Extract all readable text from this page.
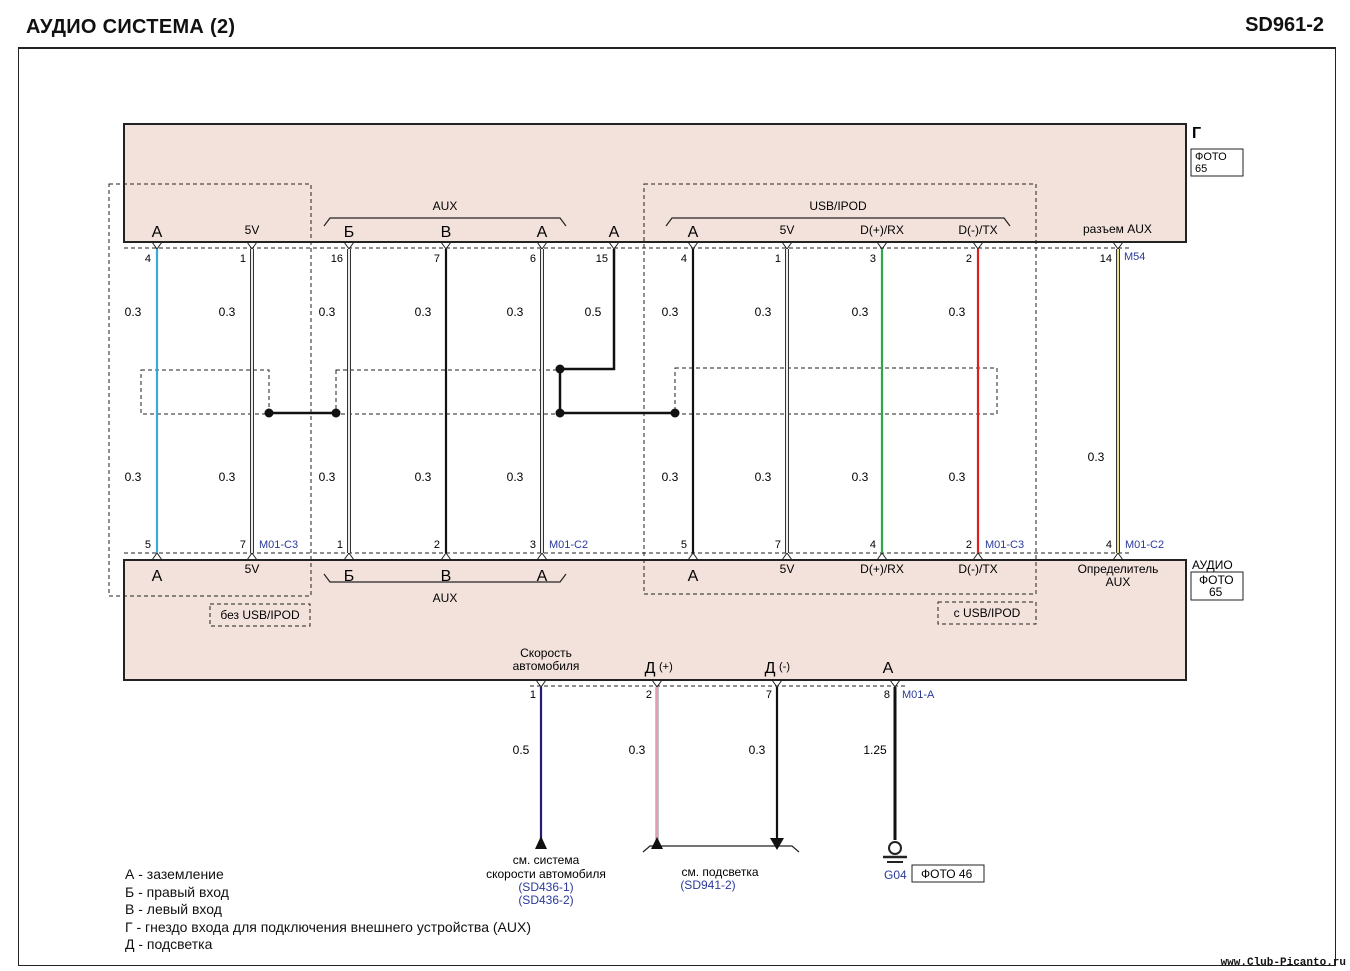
АУДИО СИСТЕМА (2)	SD961-2
Г
ФОТО
65
АУДИО
ФОТО
65
разъем AUX
M54
AUX	USB/IPOD
AUX
без USB/IPOD	с USB/IPOD
А
4
5V
1
Б
16
В
7
А
6
А
15
А
4
5V
1
D(+)/RX
3
D(-)/TX
2	14
А
5
5V
7 M01-C3
Б
1
В
2
А
3 M01-C2
А
5
5V
7
D(+)/RX
4
D(-)/TX
2 M01-C3
Определитель
AUX
4 M01-C2
0.3	0.3	0.3	0.3	0.3	0.5	0.3	0.3	0.3	0.3
0.3	0.3	0.3	0.3	0.3	0.3	0.3	0.3	0.3
0.3
Скорость
автомобиля
1
0.5
Д (+)
2
0.3
Д (-)
7
0.3
А
8 M01-A
1.25
G04 ФОТО 46
см. система
скорости автомобиля
(SD436-1)
(SD436-2)
см. подсветка
(SD941-2)
А - заземление
Б - правый вход
В - левый вход
Г - гнездо входа для подключения внешнего устройства (AUX)
Д - подсветка
www.Club-Picanto.ru
